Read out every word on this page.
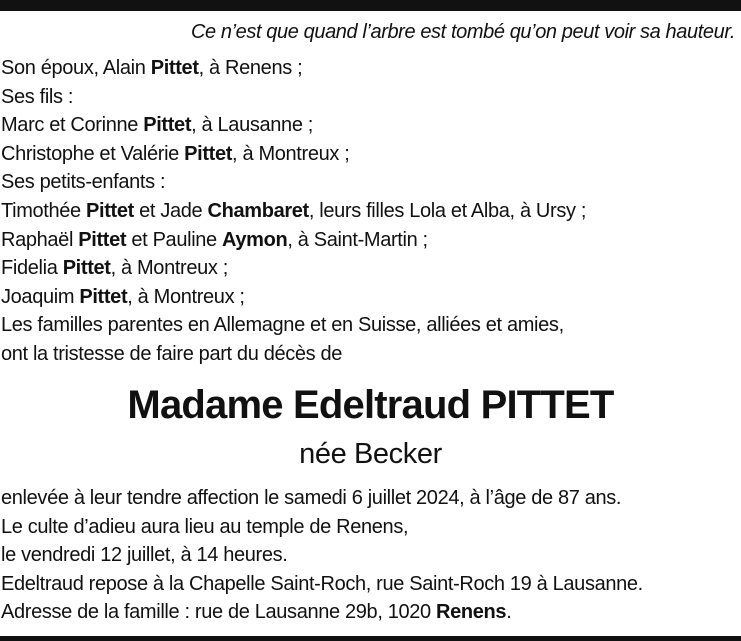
Ce n’est que quand l’arbre est tombé qu’on peut voir sa hauteur.
Son époux, Alain Pittet, à Renens ;
Ses fils :
Marc et Corinne Pittet, à Lausanne ;
Christophe et Valérie Pittet, à Montreux ;
Ses petits-enfants :
Timothée Pittet et Jade Chambaret, leurs filles Lola et Alba, à Ursy ;
Raphaël Pittet et Pauline Aymon, à Saint-Martin ;
Fidelia Pittet, à Montreux ;
Joaquim Pittet, à Montreux ;
Les familles parentes en Allemagne et en Suisse, alliées et amies,
ont la tristesse de faire part du décès de
Madame Edeltraud PITTET
née Becker
enlevée à leur tendre affection le samedi 6 juillet 2024, à l’âge de 87 ans.
Le culte d’adieu aura lieu au temple de Renens,
le vendredi 12 juillet, à 14 heures.
Edeltraud repose à la Chapelle Saint-Roch, rue Saint-Roch 19 à Lausanne.
Adresse de la famille : rue de Lausanne 29b, 1020 Renens.
